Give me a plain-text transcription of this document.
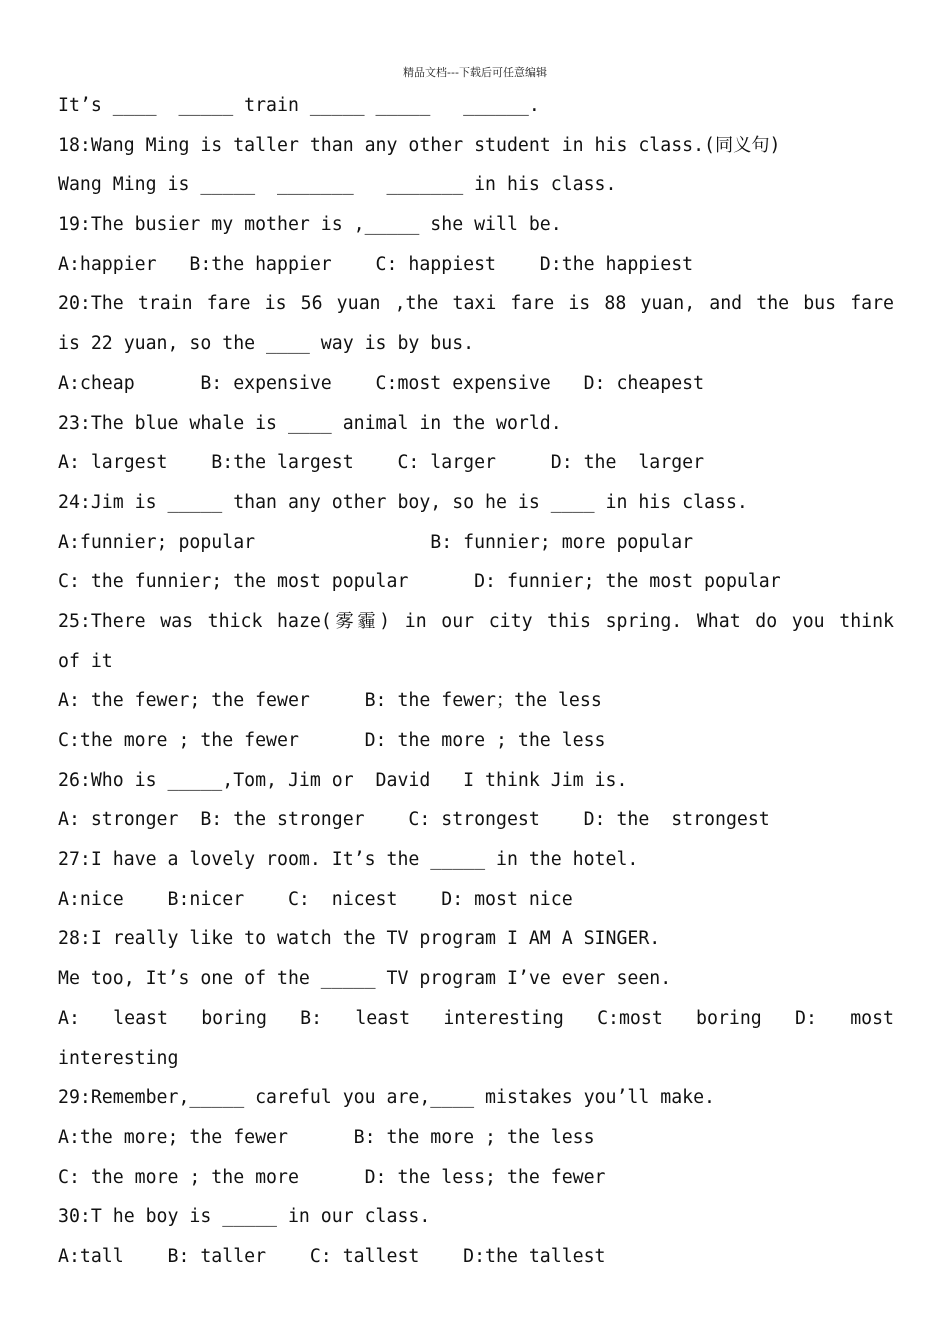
精品文档---下载后可任意编辑
It’s ____  _____ train _____ _____   ______.
18:Wang Ming is taller than any other student in his class.(同义句)
Wang Ming is _____  _______   _______ in his class.
19:The busier my mother is ,_____ she will be.
A:happier   B:the happier    C: happiest    D:the happiest
20:The train fare is 56 yuan ,the taxi fare is 88 yuan, and the bus fare
is 22 yuan, so the ____ way is by bus.
A:cheap      B: expensive    C:most expensive   D: cheapest
23:The blue whale is ____ animal in the world.
A: largest    B:the largest    C: larger     D: the  larger
24:Jim is _____ than any other boy, so he is ____ in his class.
A:funnier; popular                B: funnier; more popular
C: the funnier; the most popular      D: funnier; the most popular
25:There was thick haze(雾霾) in our city this spring. What do you think
of it
A: the fewer; the fewer     B: the fewer；the less
C:the more ; the fewer      D: the more ; the less
26:Who is _____,Tom, Jim or  David   I think Jim is.
A: stronger  B: the stronger    C: strongest    D: the  strongest
27:I have a lovely room. It’s the _____ in the hotel.
A:nice    B:nicer    C:  nicest    D: most nice
28:I really like to watch the TV program I AM A SINGER.
Me too, It’s one of the _____ TV program I’ve ever seen.
A: least boring B: least interesting C:most boring D: most
interesting
29:Remember,_____ careful you are,____ mistakes you’ll make.
A:the more; the fewer      B: the more ; the less
C: the more ; the more      D: the less; the fewer
30:T he boy is _____ in our class.
A:tall    B: taller    C: tallest    D:the tallest
